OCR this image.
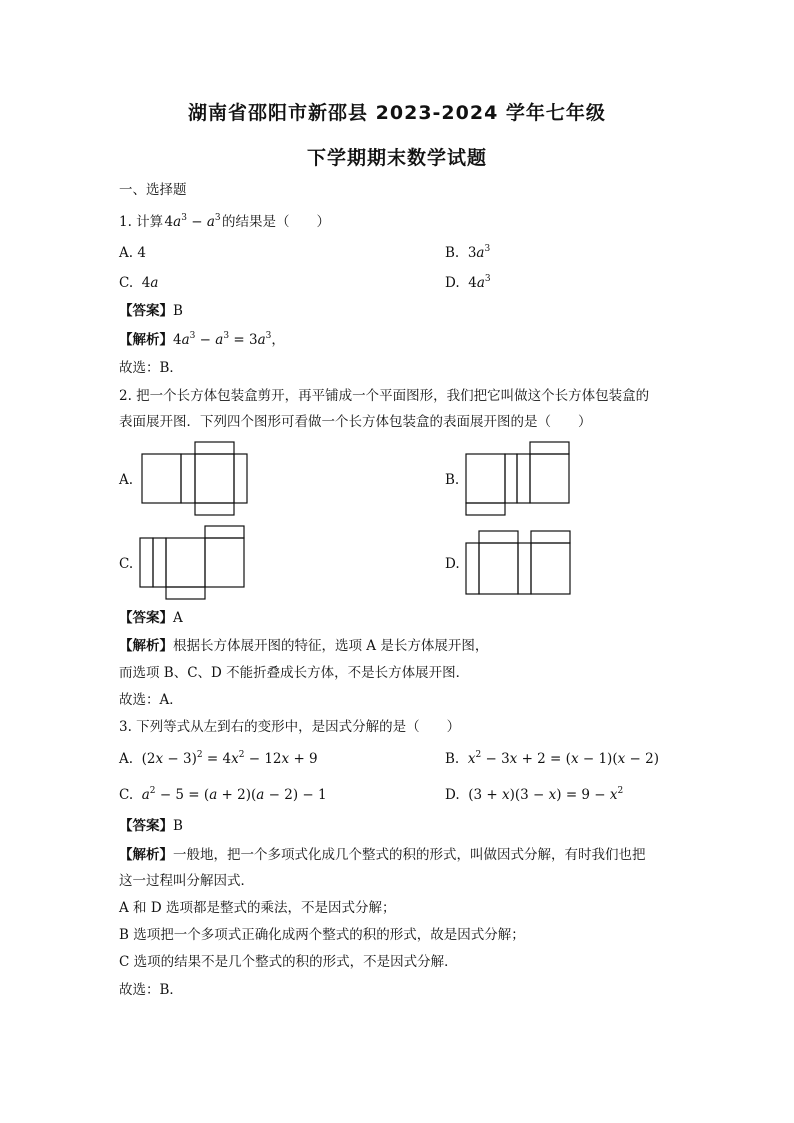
湖南省邵阳市新邵县 2023-2024 学年七年级
下学期期末数学试题
一、选择题
1. 计算 $4a^3 - a^3$ 的结果是（　　）
A. 4	B. $3a^3$
C. 4a	D. $4a^3$
【答案】B
【解析】$4a^3 - a^3 = 3a^3$，
故选：B．
2. 把一个长方体包装盒剪开，再平铺成一个平面图形，我们把它叫做这个长方体包装盒的
表面展开图．下列四个图形可看做一个长方体包装盒的表面展开图的是（　　）
A.	B.
C.	D.
【答案】A
【解析】根据长方体展开图的特征，选项 A 是长方体展开图，
而选项 B、C、D 不能折叠成长方体，不是长方体展开图．
故选：A．
3. 下列等式从左到右的变形中，是因式分解的是（　　）
A. $(2x - 3)^2 = 4x^2 - 12x + 9$	B. $x^2 - 3x + 2 = (x - 1)(x - 2)$
C. $a^2 - 5 = (a + 2)(a - 2) - 1$	D. $(3 + x)(3 - x) = 9 - x^2$
【答案】B
【解析】一般地，把一个多项式化成几个整式的积的形式，叫做因式分解，有时我们也把
这一过程叫分解因式．
A 和 D 选项都是整式的乘法，不是因式分解；
B 选项把一个多项式正确化成两个整式的积的形式，故是因式分解；
C 选项的结果不是几个整式的积的形式，不是因式分解．
故选：B．
